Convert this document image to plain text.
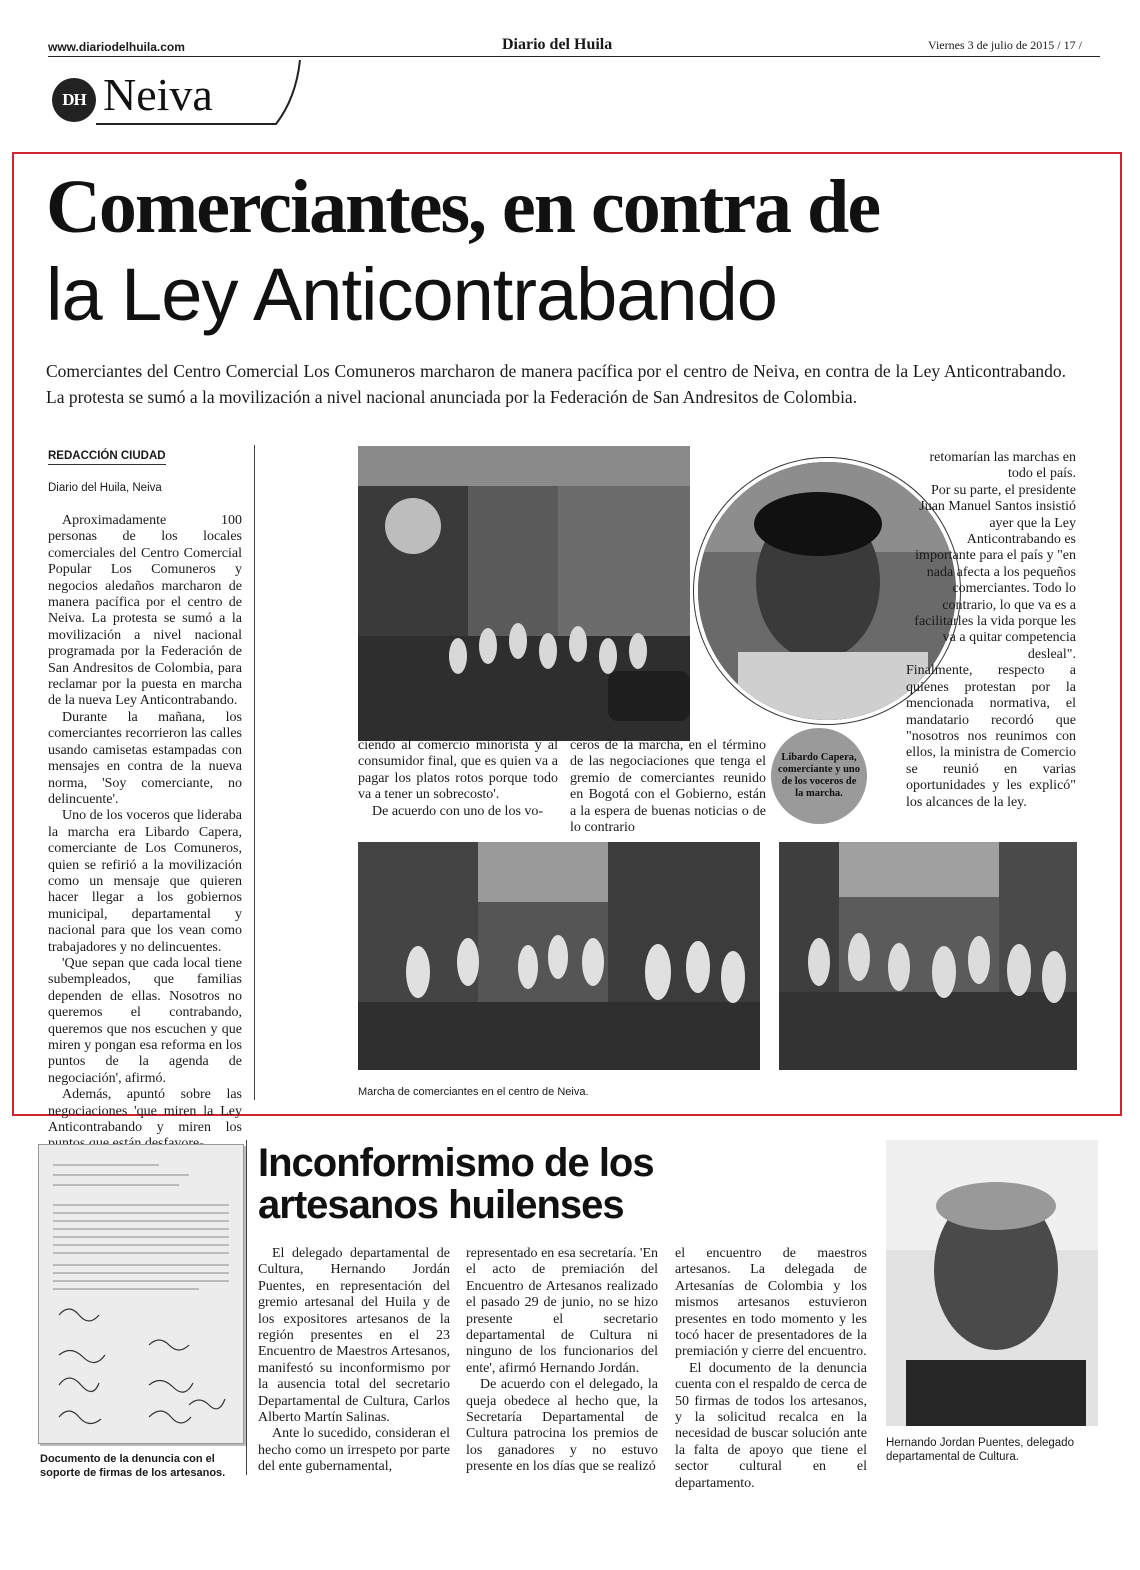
www.diariodelhuila.com	Diario del Huila	Viernes 3 de julio de 2015 / 17 /
DH Neiva
Comerciantes, en contra de
la Ley Anticontrabando
Comerciantes del Centro Comercial Los Comuneros marcharon de manera pacífica por el centro de Neiva, en contra de la Ley Anticontrabando. La protesta se sumó a la movilización a nivel nacional anunciada por la Federación de San Andresitos de Colombia.
REDACCIÓN CIUDAD
Diario del Huila, Neiva

Aproximadamente 100 personas de los locales comerciales del Centro Comercial Popular Los Comuneros y negocios aledaños marcharon de manera pacífica por el centro de Neiva. La protesta se sumó a la movilización a nivel nacional programada por la Federación de San Andresitos de Colombia, para reclamar por la puesta en marcha de la nueva Ley Anticontrabando.

Durante la mañana, los comerciantes recorrieron las calles usando camisetas estampadas con mensajes en contra de la nueva norma, 'Soy comerciante, no delincuente'.

Uno de los voceros que lideraba la marcha era Libardo Capera, comerciante de Los Comuneros, quien se refirió a la movilización como un mensaje que quieren hacer llegar a los gobiernos municipal, departamental y nacional para que los vean como trabajadores y no delincuentes.

'Que sepan que cada local tiene subempleados, que familias dependen de ellas. Nosotros no queremos el contrabando, queremos que nos escuchen y que miren y pongan esa reforma en los puntos de la agenda de negociación', afirmó.

Además, apuntó sobre las negociaciones 'que miren la Ley Anticontrabando y miren los

Libardo Capera, comerciante y uno de los voceros de la marcha.

ciendo al comercio minorista y al consumidor final, que es quien va a pagar los platos rotos porque todo va a tener un sobrecosto'.

De acuerdo con uno de los vo-

ceros de la marcha, en el término de las negociaciones que tenga el gremio de comerciantes reunido en Bogotá con el Gobierno, están a la espera de buenas noticias o de lo contrario

retomarían las marchas en todo el país.

Por su parte, el presidente Juan Manuel Santos insistió ayer que la Ley Anticontrabando es importante para el país y "en nada afecta a los pequeños comerciantes. Todo lo contrario, lo que va es a facilitarles la vida porque les va a quitar competencia desleal".

Finalmente, respecto a quienes protestan por la mencionada normativa, el mandatario recordó que "nosotros nos reunimos con ellos, la ministra de Comercio se reunió en varias oportunidades y les explicó" los alcances de la ley.

Marcha de comerciantes en el centro de Neiva.
Documento de la denuncia con el soporte de firmas de los artesanos.
Inconformismo de los artesanos huilenses

El delegado departamental de Cultura, Hernando Jordán Puentes, en representación del gremio artesanal del Huila y de los expositores artesanos de la región presentes en el 23 Encuentro de Maestros Artesanos, manifestó su inconformismo por la ausencia total del secretario Departamental de Cultura, Carlos Alberto Martín Salinas.

Ante lo sucedido, consideran el hecho como un irrespeto por parte del ente gubernamental,

representado en esa secretaría. 'En el acto de premiación del Encuentro de Artesanos realizado el pasado 29 de junio, no se hizo presente el secretario departamental de Cultura ni ninguno de los funcionarios del ente', afirmó Hernando Jordán.

De acuerdo con el delegado, la queja obedece al hecho que, la Secretaría Departamental de Cultura patrocina los premios de los ganadores y no estuvo presente en los días que se realizó

el encuentro de maestros artesanos. La delegada de Artesanías de Colombia y los mismos artesanos estuvieron presentes en todo momento y les tocó hacer de presentadores de la premiación y cierre del encuentro.

El documento de la denuncia cuenta con el respaldo de cerca de 50 firmas de todos los artesanos, y la solicitud recalca en la necesidad de buscar solución ante la falta de apoyo que tiene el sector cultural en el departamento.

Hernando Jordan Puentes, delegado departamental de Cultura.
